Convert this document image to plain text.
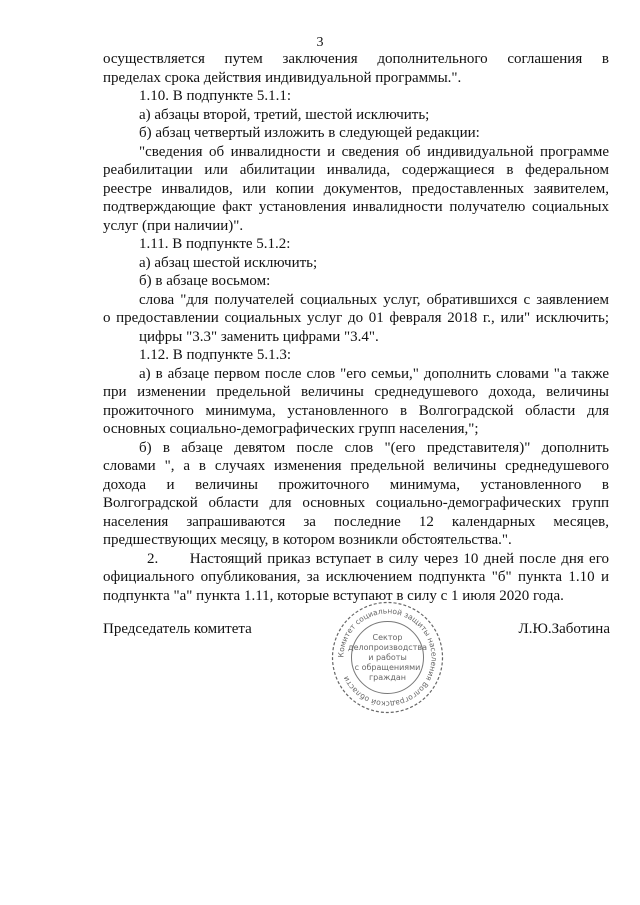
3
осуществляется путем заключения дополнительного соглашения в
пределах срока действия индивидуальной программы.".
1.10. В подпункте 5.1.1:
а) абзацы второй, третий, шестой исключить;
б) абзац четвертый изложить в следующей редакции:
"сведения об инвалидности и сведения об индивидуальной программе
реабилитации или абилитации инвалида, содержащиеся в федеральном
реестре инвалидов, или копии документов, предоставленных заявителем,
подтверждающие факт установления инвалидности получателю социальных
услуг (при наличии)".
1.11. В подпункте 5.1.2:
а) абзац шестой исключить;
б) в абзаце восьмом:
слова "для получателей социальных услуг, обратившихся с заявлением
о предоставлении социальных услуг до 01 февраля 2018 г., или" исключить;
цифры "3.3" заменить цифрами "3.4".
1.12. В подпункте 5.1.3:
а) в абзаце первом после слов "его семьи," дополнить словами "а также
при изменении предельной величины среднедушевого дохода, величины
прожиточного минимума, установленного в Волгоградской области для
основных социально-демографических групп населения,";
б) в абзаце девятом после слов "(его представителя)" дополнить
словами ", а в случаях изменения предельной величины среднедушевого
дохода и величины прожиточного минимума, установленного в
Волгоградской области для основных социально-демографических групп
населения запрашиваются за последние 12 календарных месяцев,
предшествующих месяцу, в котором возникли обстоятельства.".
2.      Настоящий приказ вступает в силу через 10 дней после дня его
официального опубликования, за исключением подпункта "б" пункта 1.10 и
подпункта "а" пункта 1.11, которые вступают в силу с 1 июля 2020 года.
Председатель комитета	Л.Ю.Заботина
Комитет социальной защиты населения Волгоградской области
Сектор
делопроизводства
и работы
с обращениями
граждан
